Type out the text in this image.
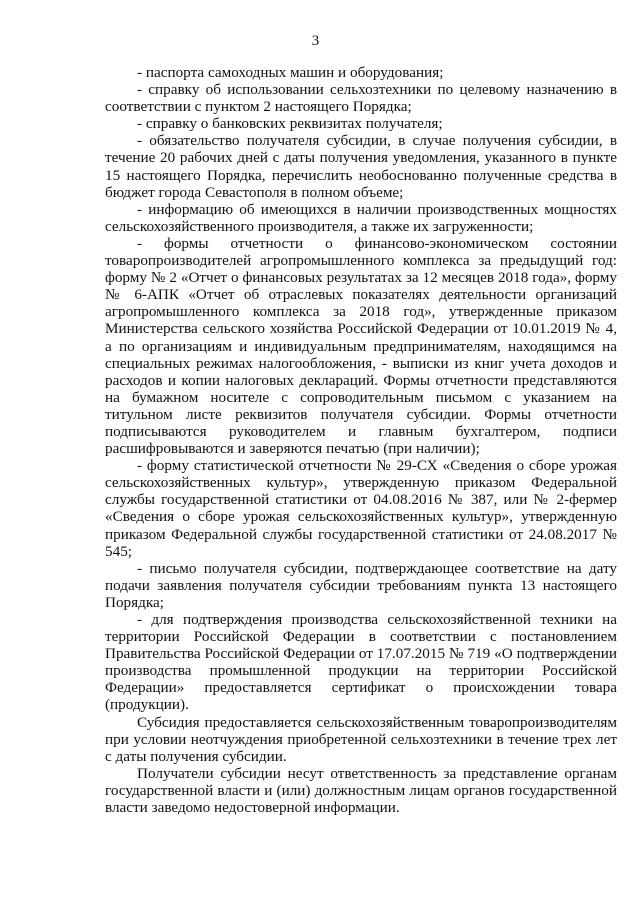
3

- паспорта самоходных машин и оборудования;

- справку об использовании сельхозтехники по целевому назначению в соответствии с пунктом 2 настоящего Порядка;

- справку о банковских реквизитах получателя;

- обязательство получателя субсидии, в случае получения субсидии, в течение 20 рабочих дней с даты получения уведомления, указанного в пункте 15 настоящего Порядка, перечислить необоснованно полученные средства в бюджет города Севастополя в полном объеме;

- информацию об имеющихся в наличии производственных мощностях сельскохозяйственного производителя, а также их загруженности;

- формы отчетности о финансово-экономическом состоянии товаропроизводителей агропромышленного комплекса за предыдущий год: форму № 2 «Отчет о финансовых результатах за 12 месяцев 2018 года», форму № 6-АПК «Отчет об отраслевых показателях деятельности организаций агропромышленного комплекса за 2018 год», утвержденные приказом Министерства сельского хозяйства Российской Федерации от 10.01.2019 № 4, а по организациям и индивидуальным предпринимателям, находящимся на специальных режимах налогообложения, - выписки из книг учета доходов и расходов и копии налоговых деклараций. Формы отчетности представляются на бумажном носителе с сопроводительным письмом с указанием на титульном листе реквизитов получателя субсидии. Формы отчетности подписываются руководителем и главным бухгалтером, подписи расшифровываются и заверяются печатью (при наличии);

- форму статистической отчетности № 29-СХ «Сведения о сборе урожая сельскохозяйственных культур», утвержденную приказом Федеральной службы государственной статистики от 04.08.2016 № 387, или № 2-фермер «Сведения о сборе урожая сельскохозяйственных культур», утвержденную приказом Федеральной службы государственной статистики от 24.08.2017 № 545;

- письмо получателя субсидии, подтверждающее соответствие на дату подачи заявления получателя субсидии требованиям пункта 13 настоящего Порядка;

- для подтверждения производства сельскохозяйственной техники на территории Российской Федерации в соответствии с постановлением Правительства Российской Федерации от 17.07.2015 № 719 «О подтверждении производства промышленной продукции на территории Российской Федерации» предоставляется сертификат о происхождении товара (продукции).

Субсидия предоставляется сельскохозяйственным товаропроизводителям при условии неотчуждения приобретенной сельхозтехники в течение трех лет с даты получения субсидии.

Получатели субсидии несут ответственность за представление органам государственной власти и (или) должностным лицам органов государственной власти заведомо недостоверной информации.
